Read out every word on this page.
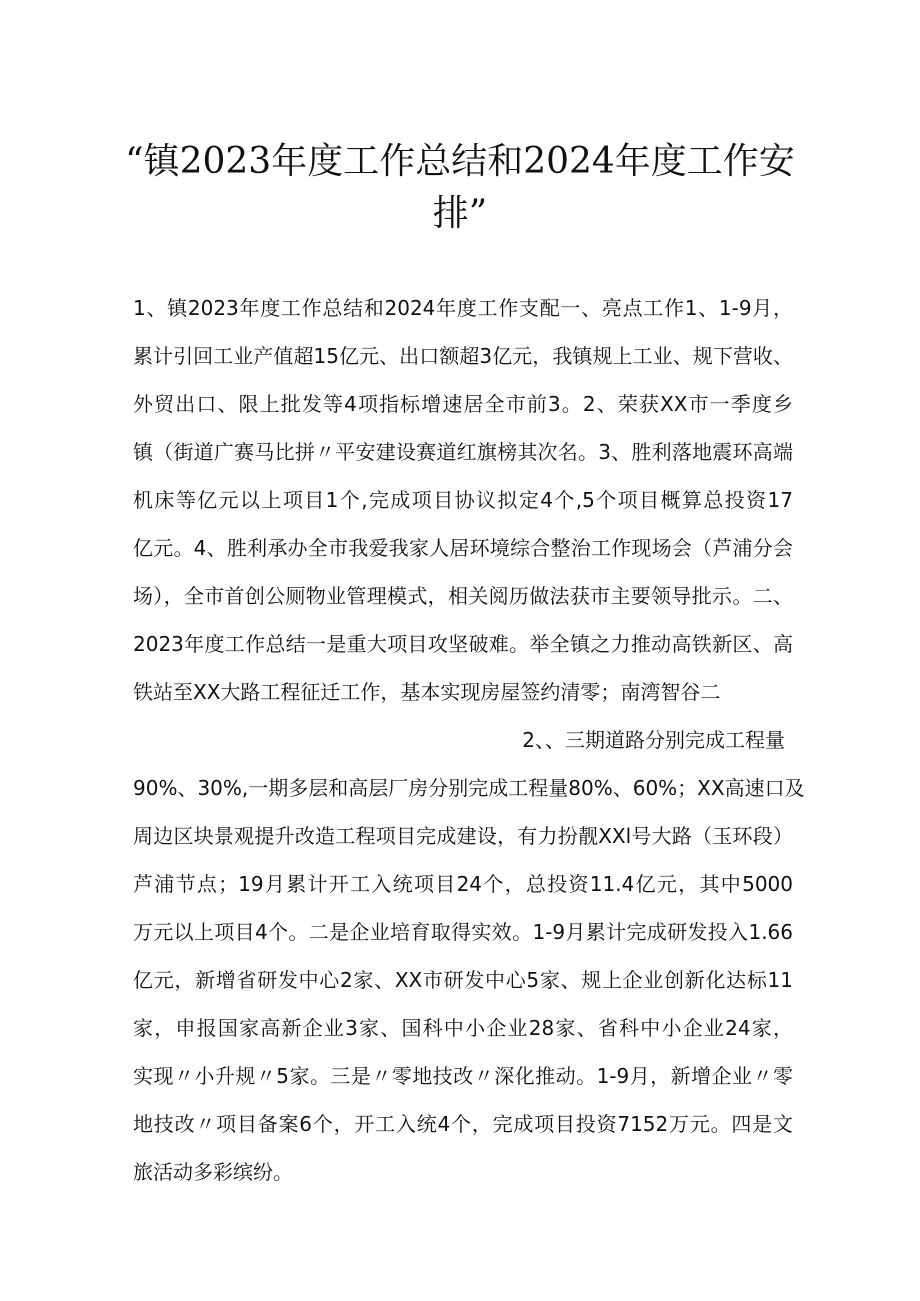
“镇2023年度工作总结和2024年度工作安
排”
1、镇2023年度工作总结和2024年度工作支配一、亮点工作1、1-9月，
累计引回工业产值超15亿元、出口额超3亿元，我镇规上工业、规下营收、
外贸出口、限上批发等4项指标增速居全市前3。2、荣获XX市一季度乡
镇（街道广赛马比拼〃平安建设赛道红旗榜其次名。3、胜利落地震环高端
机床等亿元以上项目1个,完成项目协议拟定4个,5个项目概算总投资17
亿元。4、胜利承办全市我爱我家人居环境综合整治工作现场会（芦浦分会
场），全市首创公厕物业管理模式，相关阅历做法获市主要领导批示。二、
2023年度工作总结一是重大项目攻坚破难。举全镇之力推动高铁新区、高
铁站至XX大路工程征迁工作，基本实现房屋签约清零；南湾智谷二
2、、三期道路分别完成工程量
90%、30%,一期多层和高层厂房分别完成工程量80%、60%；XX高速口及
周边区块景观提升改造工程项目完成建设，有力扮靓XXl号大路（玉环段）
芦浦节点；19月累计开工入统项目24个，总投资11.4亿元，其中5000
万元以上项目4个。二是企业培育取得实效。1-9月累计完成研发投入1.66
亿元，新增省研发中心2家、XX市研发中心5家、规上企业创新化达标11
家，申报国家高新企业3家、国科中小企业28家、省科中小企业24家，
实现〃小升规〃5家。三是〃零地技改〃深化推动。1-9月，新增企业〃零
地技改〃项目备案6个，开工入统4个，完成项目投资7152万元。四是文
旅活动多彩缤纷。
